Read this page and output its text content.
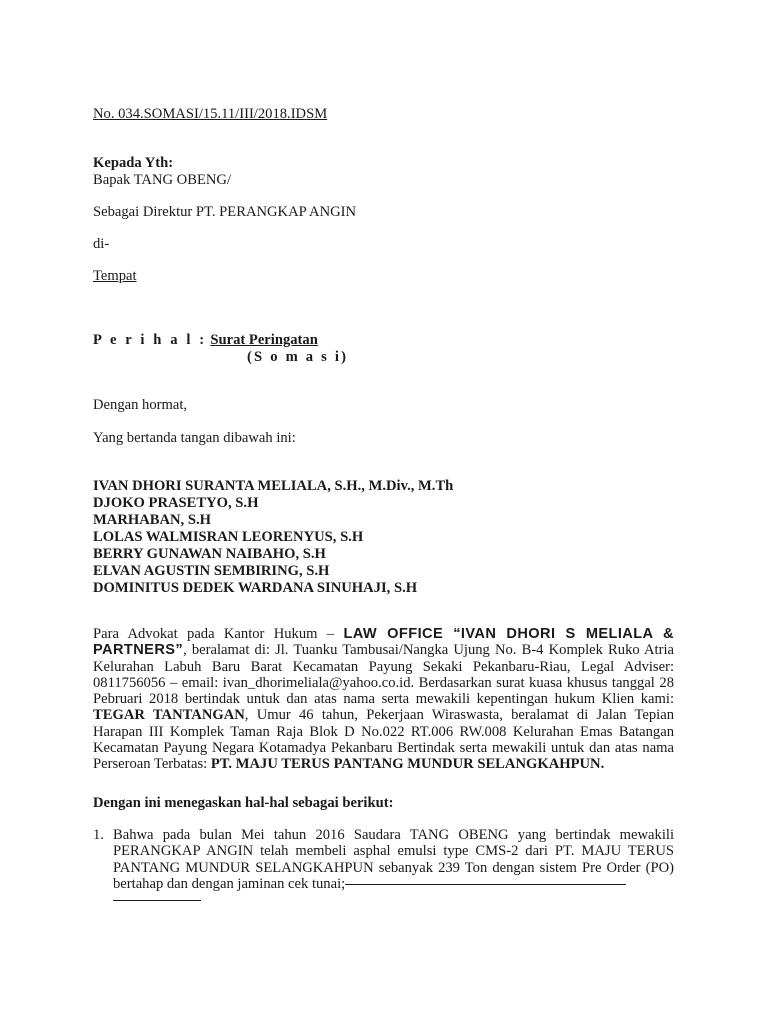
No. 034.SOMASI/15.11/III/2018.IDSM
Kepada Yth:
Bapak TANG OBENG/
Sebagai Direktur PT. PERANGKAP ANGIN
di-
Tempat
P e r i h a l : Surat Peringatan
(S o m a s i)
Dengan hormat,
Yang bertanda tangan dibawah ini:
IVAN DHORI SURANTA MELIALA, S.H., M.Div., M.Th
DJOKO PRASETYO, S.H
MARHABAN, S.H
LOLAS WALMISRAN LEORENYUS, S.H
BERRY GUNAWAN NAIBAHO, S.H
ELVAN AGUSTIN SEMBIRING, S.H
DOMINITUS DEDEK WARDANA SINUHAJI, S.H
Para Advokat pada Kantor Hukum – LAW OFFICE “IVAN DHORI S MELIALA & PARTNERS”, beralamat di: Jl. Tuanku Tambusai/Nangka Ujung No. B-4 Komplek Ruko Atria Kelurahan Labuh Baru Barat Kecamatan Payung Sekaki Pekanbaru-Riau, Legal Adviser: 0811756056 – email: ivan_dhorimeliala@yahoo.co.id. Berdasarkan surat kuasa khusus tanggal 28 Pebruari 2018 bertindak untuk dan atas nama serta mewakili kepentingan hukum Klien kami: TEGAR TANTANGAN, Umur 46 tahun, Pekerjaan Wiraswasta, beralamat di Jalan Tepian Harapan III Komplek Taman Raja Blok D No.022 RT.006 RW.008 Kelurahan Emas Batangan Kecamatan Payung Negara Kotamadya Pekanbaru Bertindak serta mewakili untuk dan atas nama Perseroan Terbatas: PT. MAJU TERUS PANTANG MUNDUR SELANGKAHPUN.
Dengan ini menegaskan hal-hal sebagai berikut:
1. Bahwa pada bulan Mei tahun 2016 Saudara TANG OBENG yang bertindak mewakili PERANGKAP ANGIN telah membeli asphal emulsi type CMS-2 dari PT. MAJU TERUS PANTANG MUNDUR SELANGKAHPUN sebanyak 239 Ton dengan sistem Pre Order (PO) bertahap dan dengan jaminan cek tunai;
